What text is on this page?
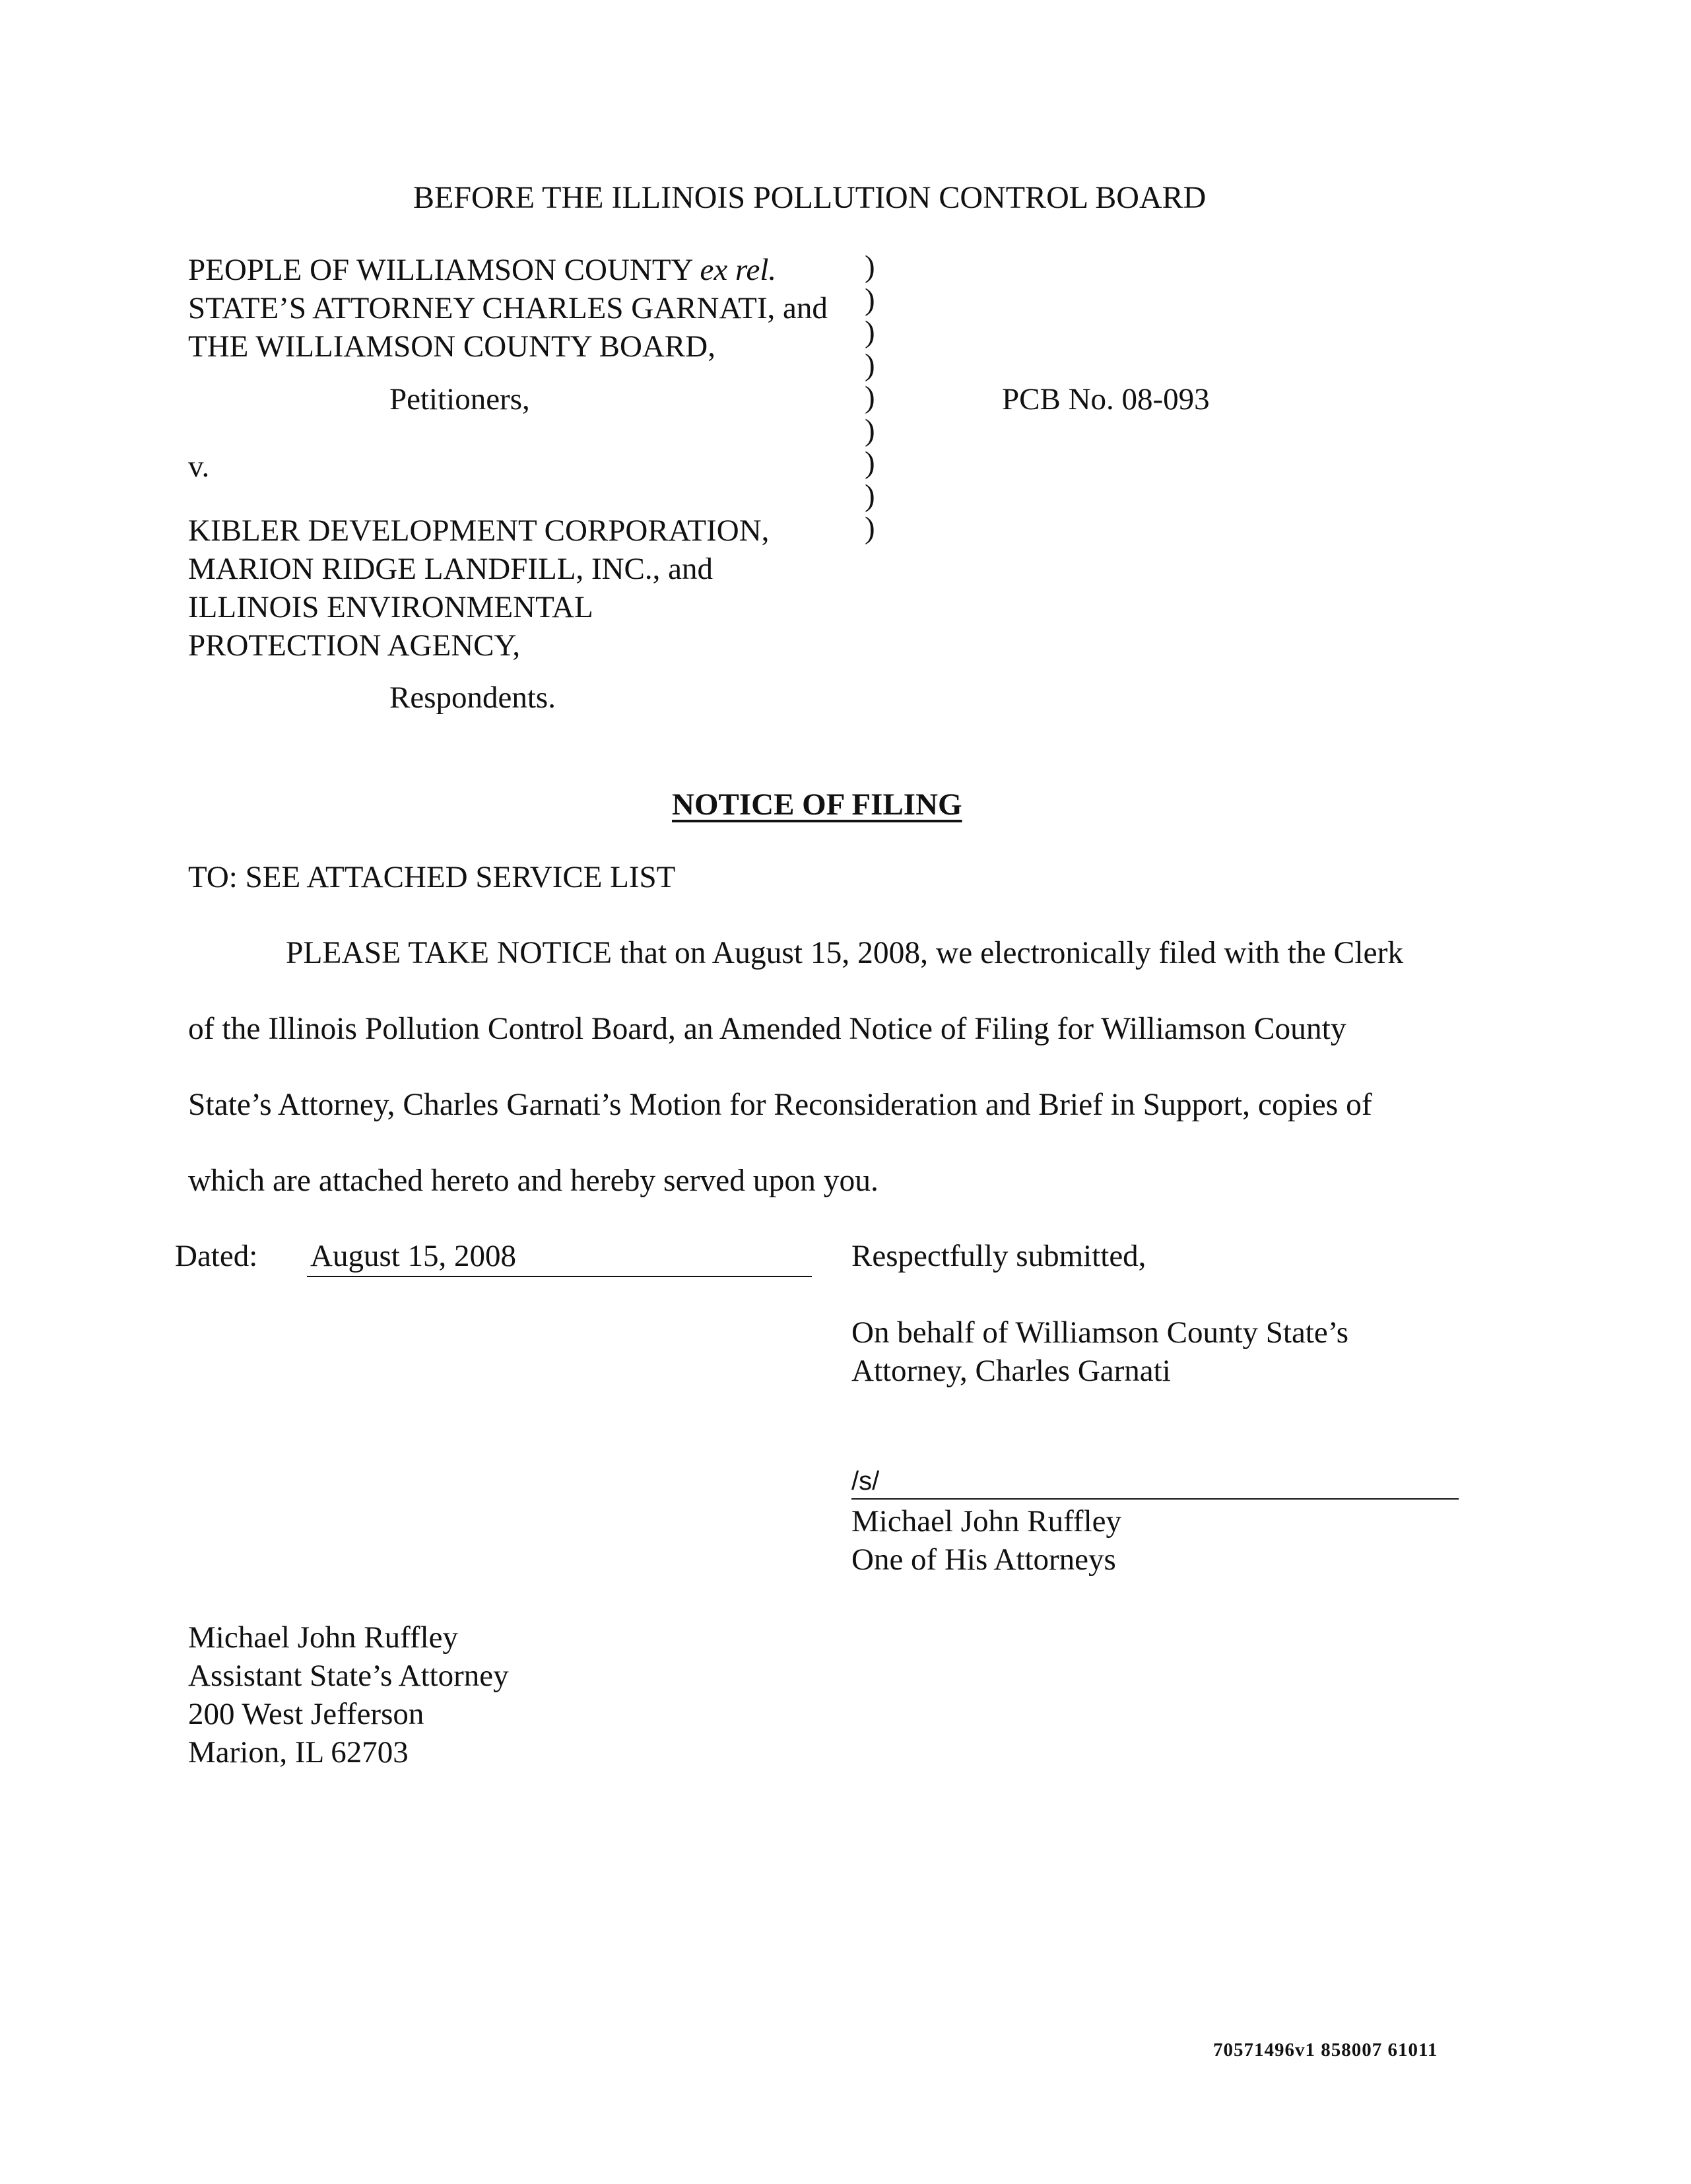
BEFORE THE ILLINOIS POLLUTION CONTROL BOARD
PEOPLE OF WILLIAMSON COUNTY ex rel.
STATE’S ATTORNEY CHARLES GARNATI, and
THE WILLIAMSON COUNTY BOARD,
Petitioners,
v.
KIBLER DEVELOPMENT CORPORATION,
MARION RIDGE LANDFILL, INC., and
ILLINOIS ENVIRONMENTAL
PROTECTION AGENCY,
Respondents.
)
)
)
)
)
)
)
)
)
PCB No. 08-093
NOTICE OF FILING
TO: SEE ATTACHED SERVICE LIST
PLEASE TAKE NOTICE that on August 15, 2008, we electronically filed with the Clerk
of the Illinois Pollution Control Board, an Amended Notice of Filing for Williamson County
State’s Attorney, Charles Garnati’s Motion for Reconsideration and Brief in Support, copies of
which are attached hereto and hereby served upon you.
Dated: August 15, 2008	Respectfully submitted,
On behalf of Williamson County State’s
Attorney, Charles Garnati
/s/
Michael John Ruffley
One of His Attorneys
Michael John Ruffley
Assistant State’s Attorney
200 West Jefferson
Marion, IL 62703
70571496v1 858007 61011
